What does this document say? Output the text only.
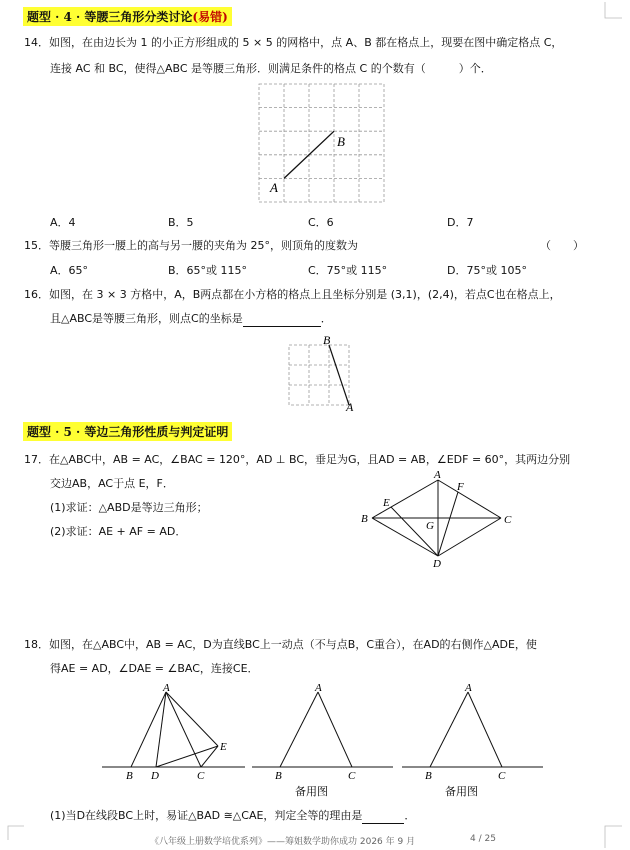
题型 · 4 · 等腰三角形分类讨论(易错)
14．如图，在由边长为 1 的小正方形组成的 5 × 5 的网格中，点 A、B 都在格点上，现要在图中确定格点 C，
连接 AC 和 BC，使得△ABC 是等腰三角形．则满足条件的格点 C 的个数有（　　　）个．
A
B
A．4	B．5	C．6	D．7
15．等腰三角形一腰上的高与另一腰的夹角为 25°，则顶角的度数为	（　　）
A．65°	B．65°或 115°	C．75°或 115°	D．75°或 105°
16．如图，在 3 × 3 方格中，A，B两点都在小方格的格点上且坐标分别是 (3,1)，(2,4)，若点C也在格点上，
且△ABC是等腰三角形，则点C的坐标是	．
B
A
题型 · 5 · 等边三角形性质与判定证明
17．在△ABC中，AB = AC，∠BAC = 120°，AD ⊥ BC，垂足为G，且AD = AB，∠EDF = 60°，其两边分别
交边AB，AC于点 E，F．
(1)求证：△ABD是等边三角形；
(2)求证：AE + AF = AD．
A
B	C
D
E
F
G
18．如图，在△ABC中，AB = AC，D为直线BC上一动点（不与点B，C重合），在AD的右侧作△ADE，使
得AE = AD，∠DAE = ∠BAC，连接CE．
A
B D	C
E
A
B	C
备用图
A
B	C
备用图
(1)当D在线段BC上时，易证△BAD ≅△CAE，判定全等的理由是	．
《八年级上册数学培优系列》——筹姐数学助你成功 2026 年 9 月	4 / 25
